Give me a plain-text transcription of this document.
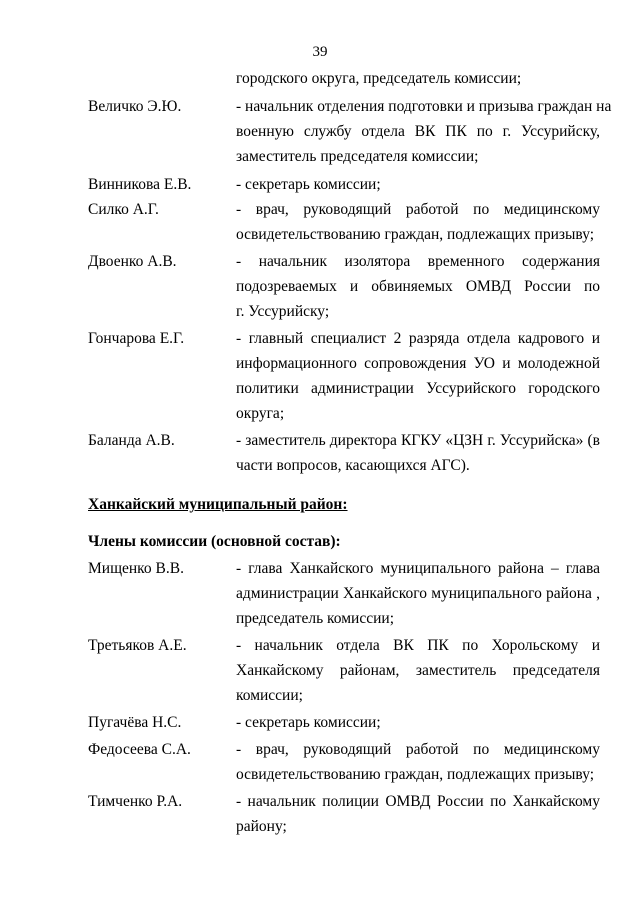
39
городского округа, председатель комиссии;
Величко Э.Ю.	- начальник отделения подготовки и призыва граждан на
военную службу отдела ВК ПК по г. Уссурийску,
заместитель председателя комиссии;
Винникова Е.В.	- секретарь комиссии;
Силко А.Г.	- врач, руководящий работой по медицинскому
освидетельствованию граждан, подлежащих призыву;
Двоенко А.В.	- начальник изолятора временного содержания
подозреваемых и обвиняемых ОМВД России по
г. Уссурийску;
Гончарова Е.Г.	- главный специалист 2 разряда отдела кадрового и
информационного сопровождения УО и молодежной
политики администрации Уссурийского городского
округа;
Баланда А.В.	- заместитель директора КГКУ «ЦЗН г. Уссурийска» (в
части вопросов, касающихся АГС).
Ханкайский муниципальный район:
Члены комиссии (основной состав):
Мищенко В.В.	- глава Ханкайского муниципального района – глава
администрации Ханкайского муниципального района ,
председатель комиссии;
Третьяков А.Е.	- начальник отдела ВК ПК по Хорольскому и
Ханкайскому районам, заместитель председателя
комиссии;
Пугачёва Н.С.	- секретарь комиссии;
Федосеева С.А.	- врач, руководящий работой по медицинскому
освидетельствованию граждан, подлежащих призыву;
Тимченко Р.А.	- начальник полиции ОМВД России по Ханкайскому
району;
